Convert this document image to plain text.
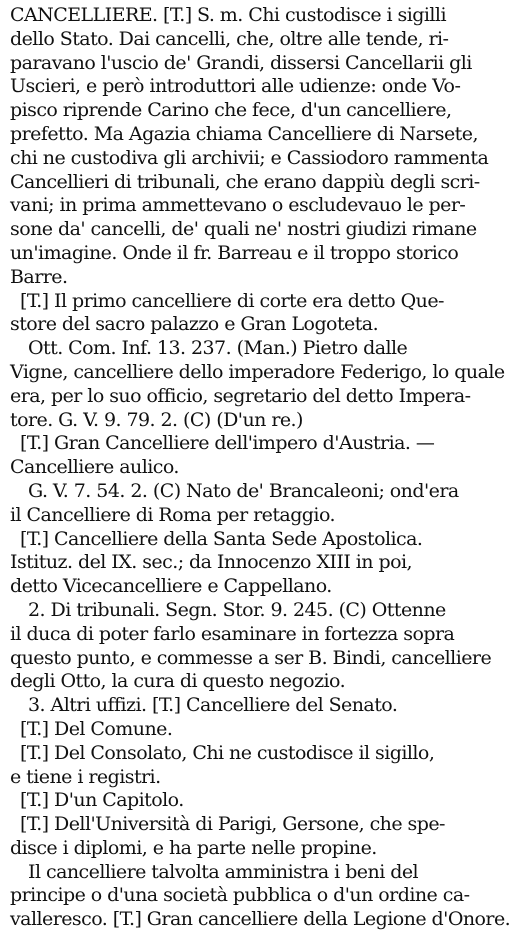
CANCELLIERE. [T.] S. m. Chi custodisce i sigilli
dello Stato. Dai cancelli, che, oltre alle tende, ri-
paravano l'uscio de' Grandi, dissersi Cancellarii gli
Uscieri, e però introduttori alle udienze: onde Vo-
pisco riprende Carino che fece, d'un cancelliere,
prefetto. Ma Agazia chiama Cancelliere di Narsete,
chi ne custodiva gli archivii; e Cassiodoro rammenta
Cancellieri di tribunali, che erano dappiù degli scri-
vani; in prima ammettevano o escludevauo le per-
sone da' cancelli, de' quali ne' nostri giudizi rimane
un'imagine. Onde il fr. Barreau e il troppo storico
Barre.
[T.] Il primo cancelliere di corte era detto Que-
store del sacro palazzo e Gran Logoteta.
Ott. Com. Inf. 13. 237. (Man.) Pietro dalle
Vigne, cancelliere dello imperadore Federigo, lo quale
era, per lo suo officio, segretario del detto Impera-
tore. G. V. 9. 79. 2. (C) (D'un re.)
[T.] Gran Cancelliere dell'impero d'Austria. —
Cancelliere aulico.
G. V. 7. 54. 2. (C) Nato de' Brancaleoni; ond'era
il Cancelliere di Roma per retaggio.
[T.] Cancelliere della Santa Sede Apostolica.
Istituz. del IX. sec.; da Innocenzo XIII in poi,
detto Vicecancelliere e Cappellano.
2. Di tribunali. Segn. Stor. 9. 245. (C) Ottenne
il duca di poter farlo esaminare in fortezza sopra
questo punto, e commesse a ser B. Bindi, cancelliere
degli Otto, la cura di questo negozio.
3. Altri uffizi. [T.] Cancelliere del Senato.
[T.] Del Comune.
[T.] Del Consolato, Chi ne custodisce il sigillo,
e tiene i registri.
[T.] D'un Capitolo.
[T.] Dell'Università di Parigi, Gersone, che spe-
disce i diplomi, e ha parte nelle propine.
Il cancelliere talvolta amministra i beni del
principe o d'una società pubblica o d'un ordine ca-
valleresco. [T.] Gran cancelliere della Legione d'Onore.
